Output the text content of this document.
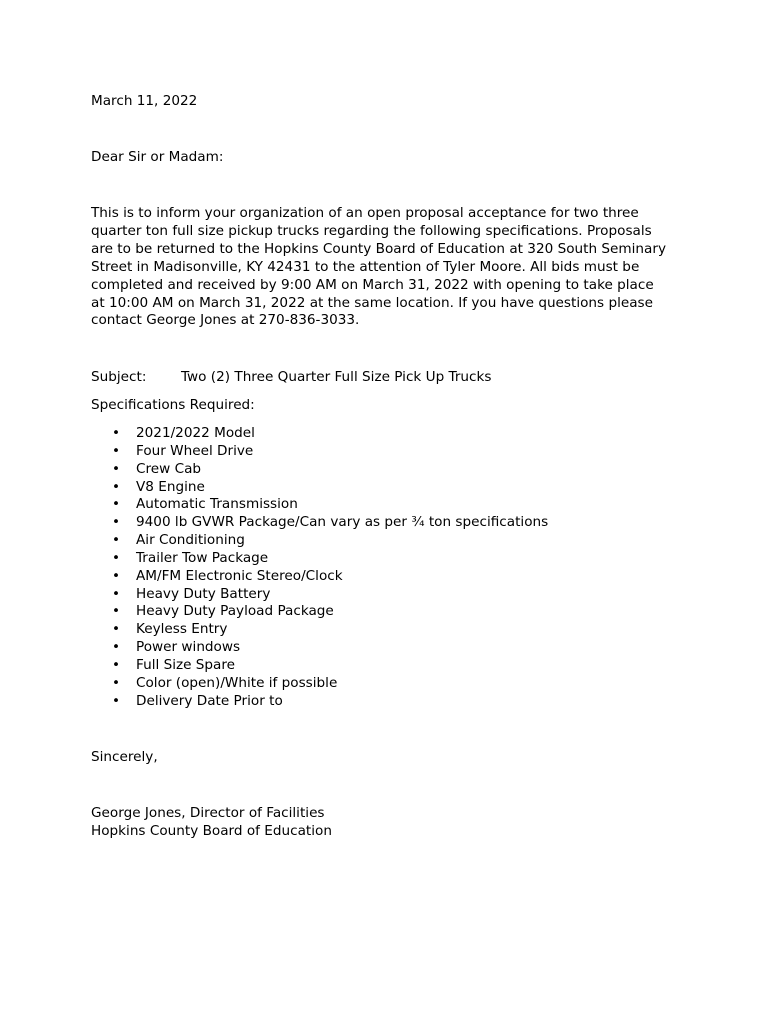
March 11, 2022
Dear Sir or Madam:

This is to inform your organization of an open proposal acceptance for two three
quarter ton full size pickup trucks regarding the following specifications. Proposals
are to be returned to the Hopkins County Board of Education at 320 South Seminary
Street in Madisonville, KY 42431 to the attention of Tyler Moore. All bids must be
completed and received by 9:00 AM on March 31, 2022 with opening to take place
at 10:00 AM on March 31, 2022 at the same location. If you have questions please
contact George Jones at 270-836-3033.

Subject:	Two (2) Three Quarter Full Size Pick Up Trucks
Specifications Required:
• 2021/2022 Model
• Four Wheel Drive
• Crew Cab
• V8 Engine
• Automatic Transmission
• 9400 lb GVWR Package/Can vary as per ¾ ton specifications
• Air Conditioning
• Trailer Tow Package
• AM/FM Electronic Stereo/Clock
• Heavy Duty Battery
• Heavy Duty Payload Package
• Keyless Entry
• Power windows
• Full Size Spare
• Color (open)/White if possible
• Delivery Date Prior to
Sincerely,
George Jones, Director of Facilities
Hopkins County Board of Education
